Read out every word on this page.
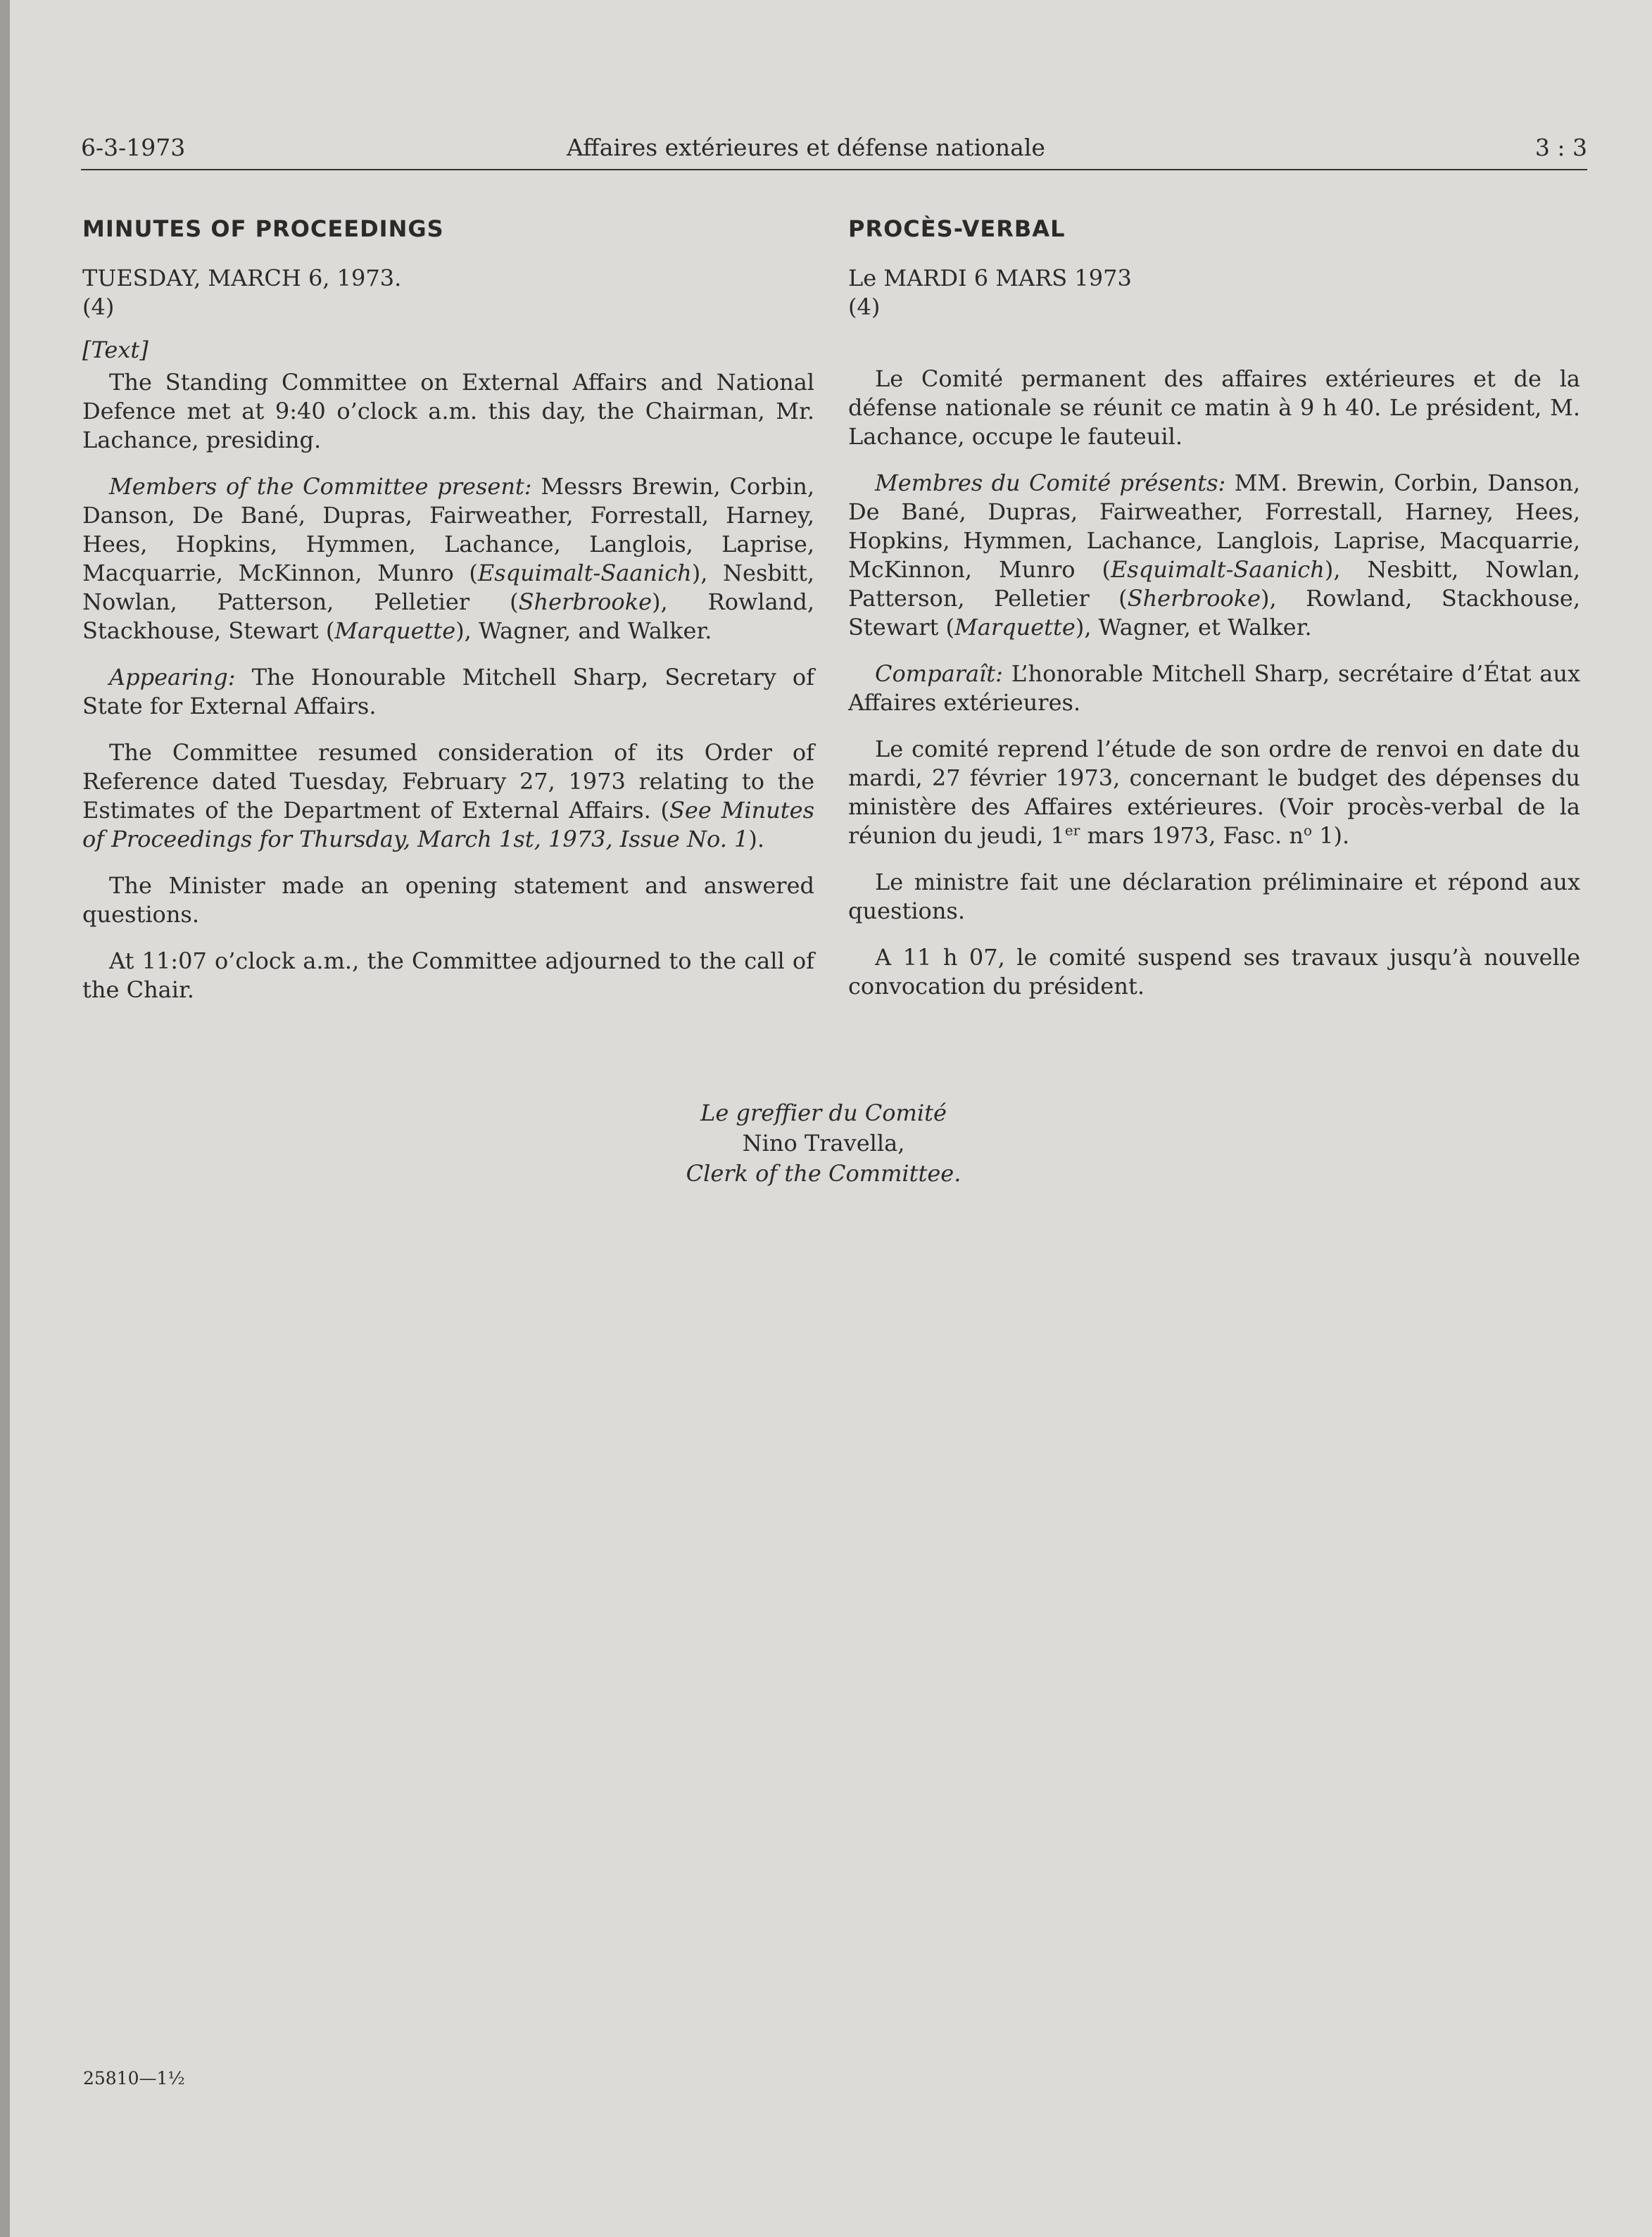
6-3-1973	Affaires extérieures et défense nationale	3 : 3
MINUTES OF PROCEEDINGS
TUESDAY, MARCH 6, 1973.
(4)
[Text]

The Standing Committee on External Affairs and National Defence met at 9:40 o’clock a.m. this day, the Chairman, Mr. Lachance, presiding.

Members of the Committee present: Messrs Brewin, Corbin, Danson, De Bané, Dupras, Fairweather, Forrestall, Harney, Hees, Hopkins, Hymmen, Lachance, Langlois, Laprise, Macquarrie, McKinnon, Munro (Esquimalt-Saanich), Nesbitt, Nowlan, Patterson, Pelletier (Sherbrooke), Rowland, Stackhouse, Stewart (Marquette), Wagner, and Walker.

Appearing: The Honourable Mitchell Sharp, Secretary of State for External Affairs.

The Committee resumed consideration of its Order of Reference dated Tuesday, February 27, 1973 relating to the Estimates of the Department of External Affairs. (See Minutes of Proceedings for Thursday, March 1st, 1973, Issue No. 1).

The Minister made an opening statement and answered questions.

At 11:07 o’clock a.m., the Committee adjourned to the call of the Chair.

PROCÈS-VERBAL
Le MARDI 6 MARS 1973
(4)

Le Comité permanent des affaires extérieures et de la défense nationale se réunit ce matin à 9 h 40. Le président, M. Lachance, occupe le fauteuil.

Membres du Comité présents: MM. Brewin, Corbin, Danson, De Bané, Dupras, Fairweather, Forrestall, Harney, Hees, Hopkins, Hymmen, Lachance, Langlois, Laprise, Macquarrie, McKinnon, Munro (Esquimalt-Saanich), Nesbitt, Nowlan, Patterson, Pelletier (Sherbrooke), Rowland, Stackhouse, Stewart (Marquette), Wagner, et Walker.

Comparaît: L’honorable Mitchell Sharp, secrétaire d’État aux Affaires extérieures.

Le comité reprend l’étude de son ordre de renvoi en date du mardi, 27 février 1973, concernant le budget des dépenses du ministère des Affaires extérieures. (Voir procès-verbal de la réunion du jeudi, 1er mars 1973, Fasc. $n^o$ 1).

Le ministre fait une déclaration préliminaire et répond aux questions.

A 11 h 07, le comité suspend ses travaux jusqu’à nouvelle convocation du président.

Le greffier du Comité
Nino Travella,
Clerk of the Committee.
25810—1½
